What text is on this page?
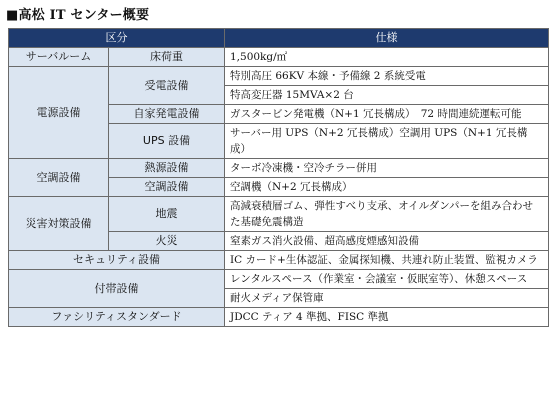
■高松 IT センター概要
区分		仕様
サーバルーム	床荷重	1,500kg/㎡
電源設備	受電設備	特別高圧 66KV 本線・予備線 2 系統受電
		特高変圧器 15MVA×2 台
	自家発電設備	ガスタービン発電機（N+1 冗長構成）　72 時間連続運転可能
	UPS 設備	サーバー用 UPS（N+2 冗長構成）空調用 UPS（N+1 冗長構成）

空調設備	熱源設備	ターボ冷凍機・空冷チラー併用
	空調設備	空調機（N+2 冗長構成）
災害対策設備	地震	高減衰積層ゴム、弾性すべり支承、オイルダンパーを組み合わせた基礎免震構造
	火災	窒素ガス消火設備、超高感度煙感知設備
セキュリティ設備		IC カード+生体認証、金属探知機、共連れ防止装置、監視カメラ
付帯設備		レンタルスペース（作業室・会議室・仮眠室等）、休憩スペース
		耐火メディア保管庫
ファシリティスタンダード		JDCC ティア 4 準拠、FISC 準拠
